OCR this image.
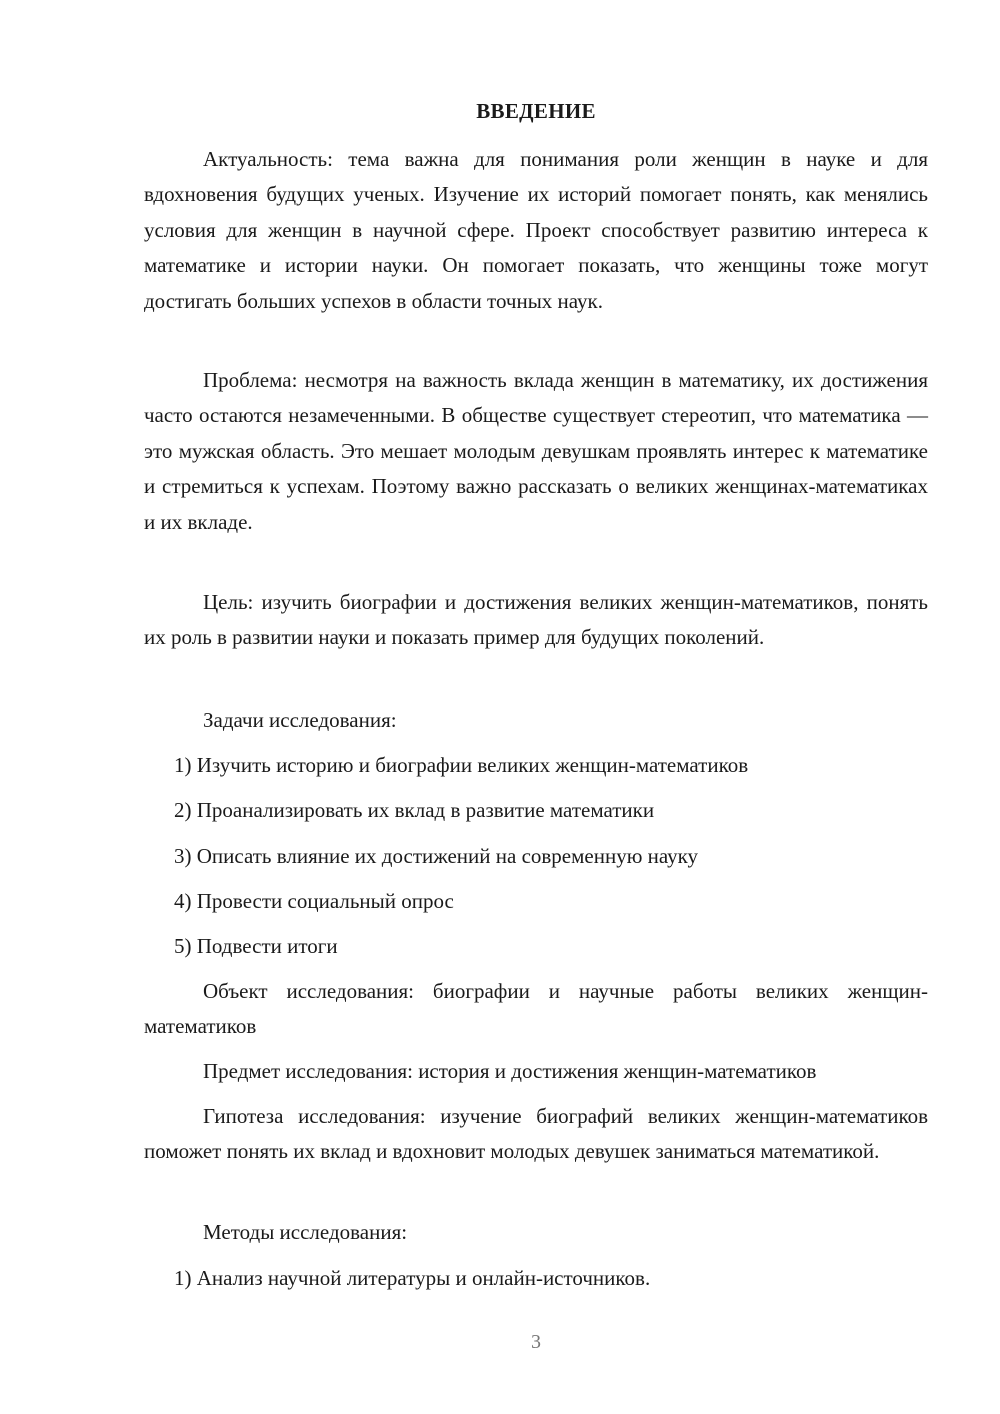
ВВЕДЕНИЕ

Актуальность: тема важна для понимания роли женщин в науке и для вдохновения будущих ученых. Изучение их историй помогает понять, как менялись условия для женщин в научной сфере. Проект способствует развитию интереса к математике и истории науки. Он помогает показать, что женщины тоже могут достигать больших успехов в области точных наук.

Проблема: несмотря на важность вклада женщин в математику, их достижения часто остаются незамеченными. В обществе существует стереотип, что математика — это мужская область. Это мешает молодым девушкам проявлять интерес к математике и стремиться к успехам. Поэтому важно рассказать о великих женщинах-математиках и их вкладе.

Цель: изучить биографии и достижения великих женщин-математиков, понять их роль в развитии науки и показать пример для будущих поколений.

Задачи исследования:
1) Изучить историю и биографии великих женщин-математиков
2) Проанализировать их вклад в развитие математики
3) Описать влияние их достижений на современную науку
4) Провести социальный опрос
5) Подвести итоги

Объект исследования: биографии и научные работы великих женщин-математиков

Предмет исследования: история и достижения женщин-математиков

Гипотеза исследования: изучение биографий великих женщин-математиков поможет понять их вклад и вдохновит молодых девушек заниматься математикой.

Методы исследования:
1) Анализ научной литературы и онлайн-источников.
3
